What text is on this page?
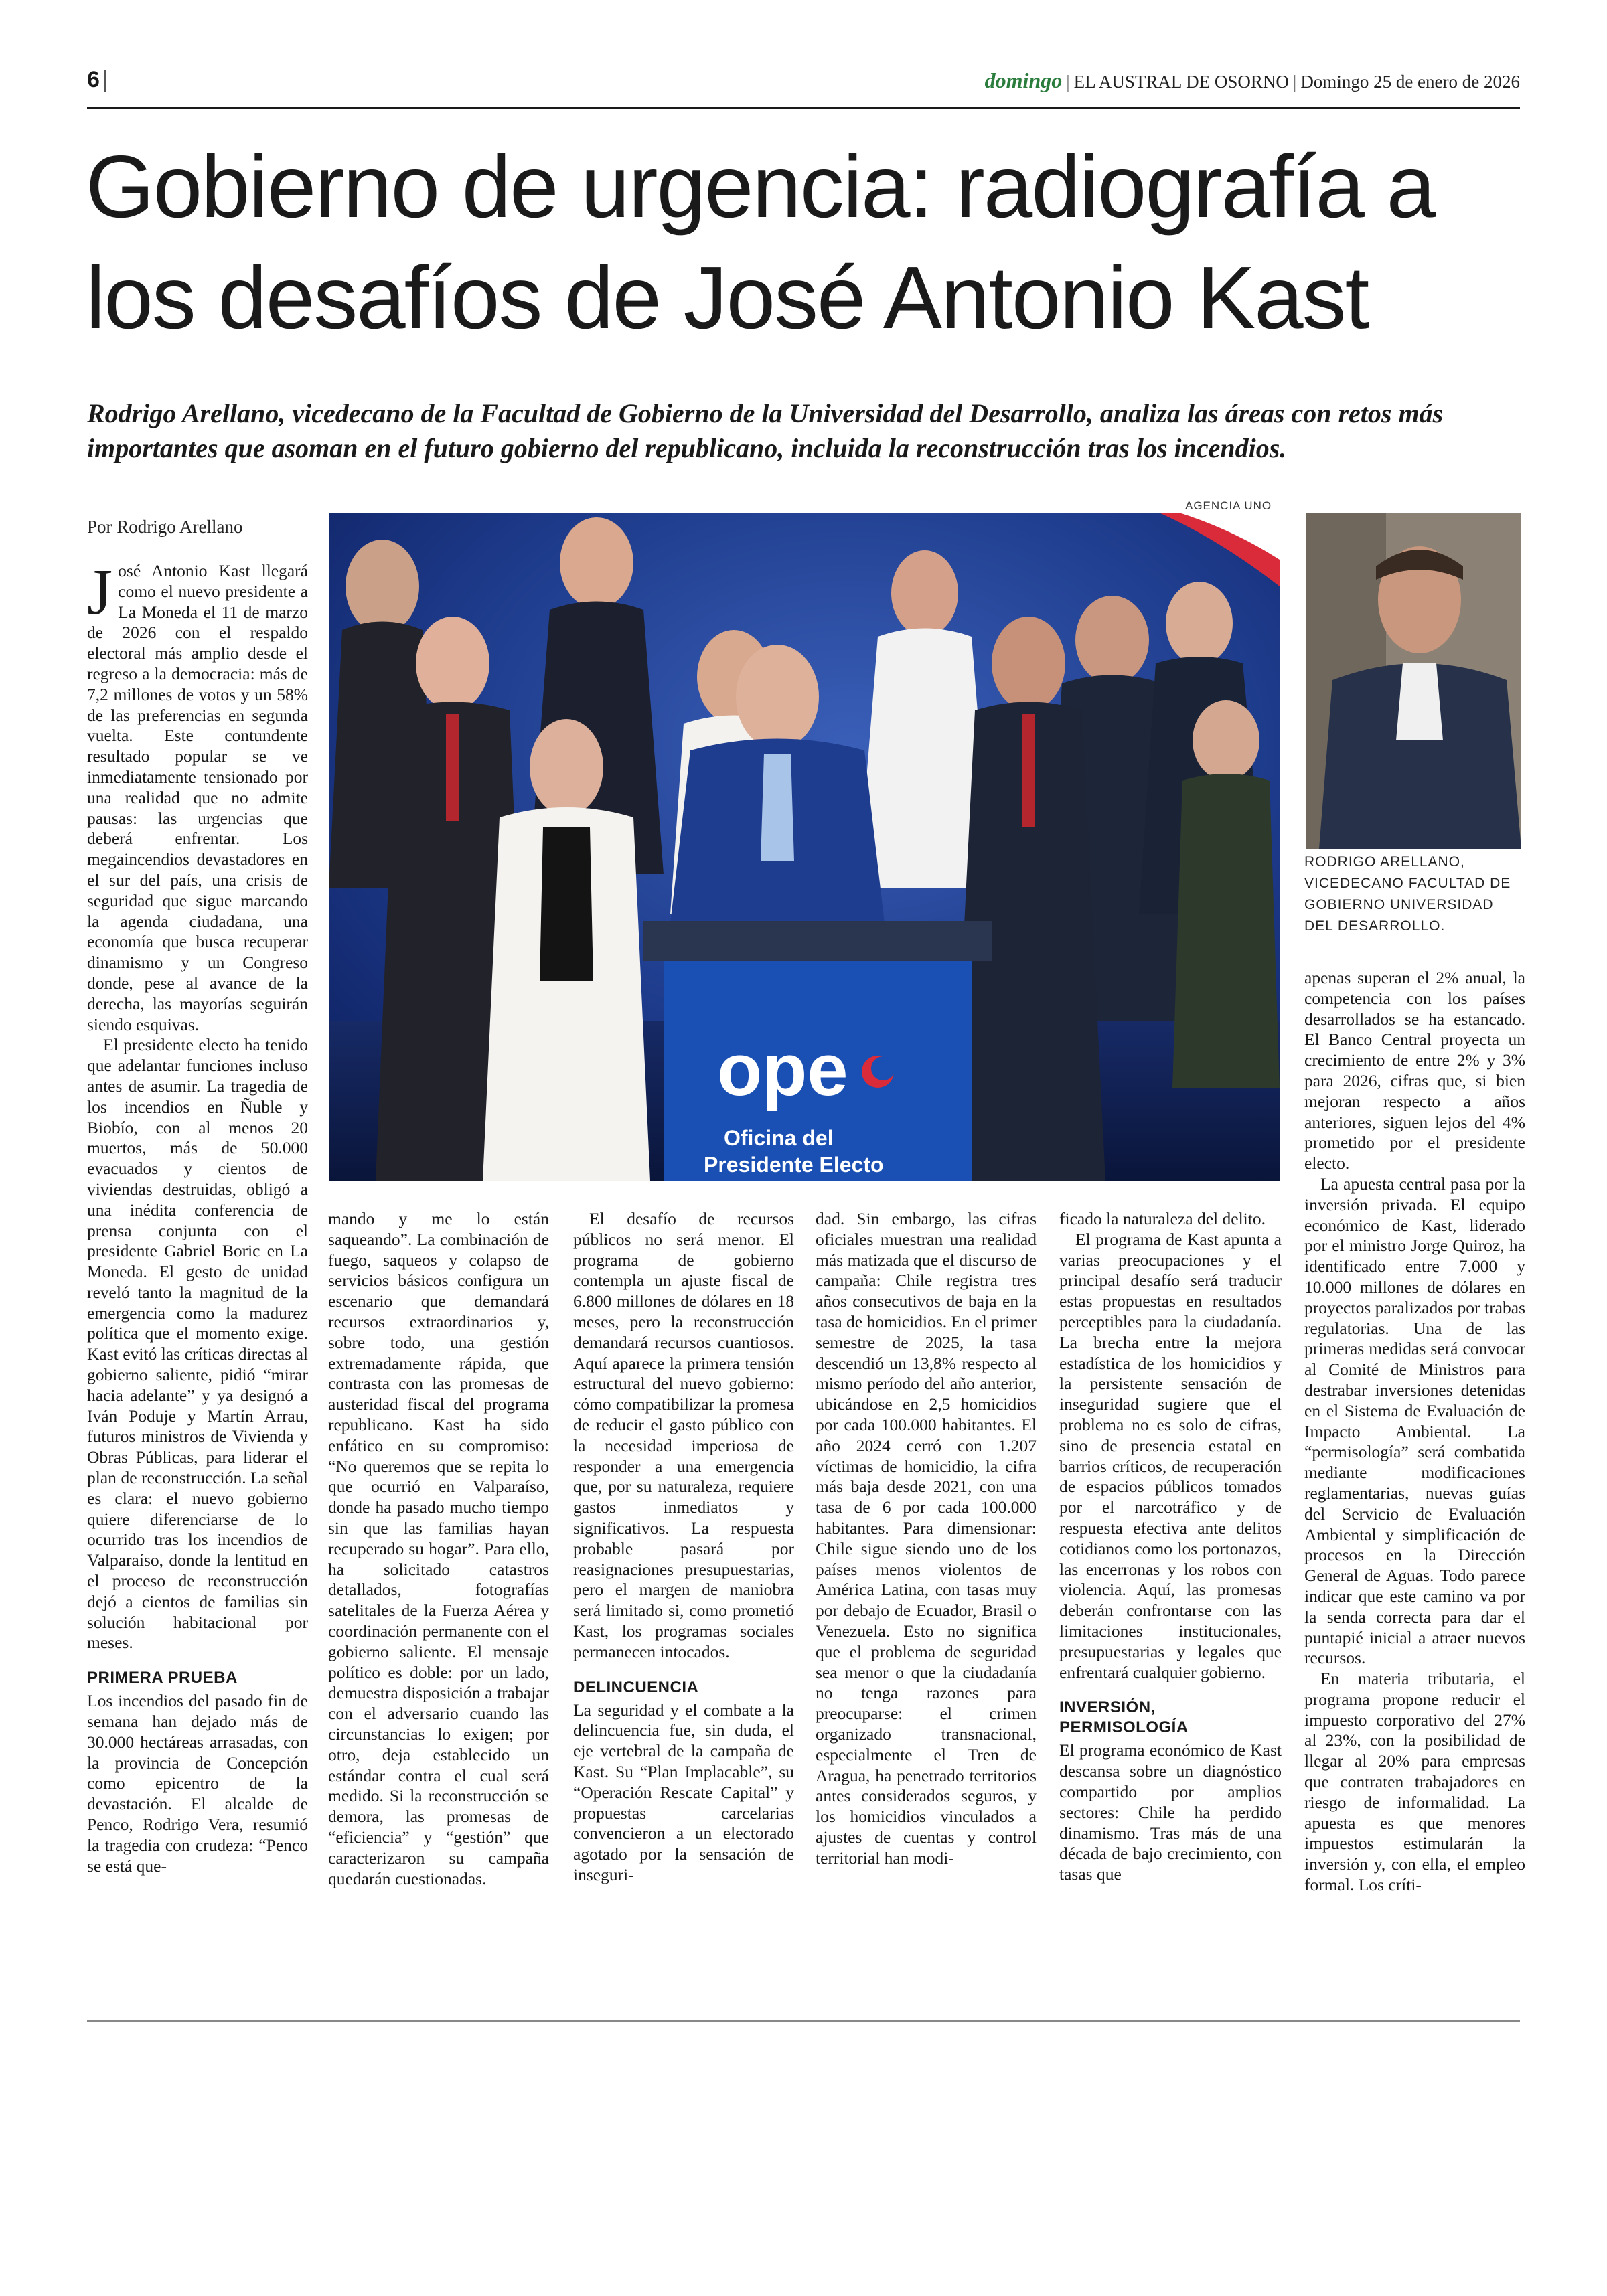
6 |	domingo | EL AUSTRAL DE OSORNO | Domingo 25 de enero de 2026
Gobierno de urgencia: radiografía a los desafíos de José Antonio Kast

Rodrigo Arellano, vicedecano de la Facultad de Gobierno de la Universidad del Desarrollo, analiza las áreas con retos más importantes que asoman en el futuro gobierno del republicano, incluida la reconstrucción tras los incendios.

Por Rodrigo Arellano
AGENCIA UNO
ope
Oficina del
Presidente Electo
RODRIGO ARELLANO, VICEDECANO FACULTAD DE GOBIERNO UNIVERSIDAD DEL DESARROLLO.

José Antonio Kast llegará como el nuevo presidente a La Moneda el 11 de marzo de 2026 con el respaldo electoral más amplio desde el regreso a la democracia: más de 7,2 millones de votos y un 58% de las preferencias en segunda vuelta. Este contundente resultado popular se ve inmediatamente tensionado por una realidad que no admite pausas: las urgencias que deberá enfrentar. Los megaincendios devastadores en el sur del país, una crisis de seguridad que sigue marcando la agenda ciudadana, una economía que busca recuperar dinamismo y un Congreso donde, pese al avance de la derecha, las mayorías seguirán siendo esquivas.

El presidente electo ha tenido que adelantar funciones incluso antes de asumir. La tragedia de los incendios en Ñuble y Biobío, con al menos 20 muertos, más de 50.000 evacuados y cientos de viviendas destruidas, obligó a una inédita conferencia de prensa conjunta con el presidente Gabriel Boric en La Moneda. El gesto de unidad reveló tanto la magnitud de la emergencia como la madurez política que el momento exige. Kast evitó las críticas directas al gobierno saliente, pidió “mirar hacia adelante” y ya designó a Iván Poduje y Martín Arrau, futuros ministros de Vivienda y Obras Públicas, para liderar el plan de reconstrucción. La señal es clara: el nuevo gobierno quiere diferenciarse de lo ocurrido tras los incendios de Valparaíso, donde la lentitud en el proceso de reconstrucción dejó a cientos de familias sin solución habitacional por meses.

PRIMERA PRUEBA

Los incendios del pasado fin de semana han dejado más de 30.000 hectáreas arrasadas, con la provincia de Concepción como epicentro de la devastación. El alcalde de Penco, Rodrigo Vera, resumió la tragedia con crudeza: “Penco se está que-

mando y me lo están saqueando”. La combinación de fuego, saqueos y colapso de servicios básicos configura un escenario que demandará recursos extraordinarios y, sobre todo, una gestión extremadamente rápida, que contrasta con las promesas de austeridad fiscal del programa republicano. Kast ha sido enfático en su compromiso: “No queremos que se repita lo que ocurrió en Valparaíso, donde ha pasado mucho tiempo sin que las familias hayan recuperado su hogar”. Para ello, ha solicitado catastros detallados, fotografías satelitales de la Fuerza Aérea y coordinación permanente con el gobierno saliente. El mensaje político es doble: por un lado, demuestra disposición a trabajar con el adversario cuando las circunstancias lo exigen; por otro, deja establecido un estándar contra el cual será medido. Si la reconstrucción se demora, las promesas de “eficiencia” y “gestión” que caracterizaron su campaña quedarán cuestionadas.

El desafío de recursos públicos no será menor. El programa de gobierno contempla un ajuste fiscal de 6.800 millones de dólares en 18 meses, pero la reconstrucción demandará recursos cuantiosos. Aquí aparece la primera tensión estructural del nuevo gobierno: cómo compatibilizar la promesa de reducir el gasto público con la necesidad imperiosa de responder a una emergencia que, por su naturaleza, requiere gastos inmediatos y significativos. La respuesta probable pasará por reasignaciones presupuestarias, pero el margen de maniobra será limitado si, como prometió Kast, los programas sociales permanecen intocados.

DELINCUENCIA

La seguridad y el combate a la delincuencia fue, sin duda, el eje vertebral de la campaña de Kast. Su “Plan Implacable”, su “Operación Rescate Capital” y propuestas carcelarias convencieron a un electorado agotado por la sensación de inseguri-

dad. Sin embargo, las cifras oficiales muestran una realidad más matizada que el discurso de campaña: Chile registra tres años consecutivos de baja en la tasa de homicidios. En el primer semestre de 2025, la tasa descendió un 13,8% respecto al mismo período del año anterior, ubicándose en 2,5 homicidios por cada 100.000 habitantes. El año 2024 cerró con 1.207 víctimas de homicidio, la cifra más baja desde 2021, con una tasa de 6 por cada 100.000 habitantes. Para dimensionar: Chile sigue siendo uno de los países menos violentos de América Latina, con tasas muy por debajo de Ecuador, Brasil o Venezuela. Esto no significa que el problema de seguridad sea menor o que la ciudadanía no tenga razones para preocuparse: el crimen organizado transnacional, especialmente el Tren de Aragua, ha penetrado territorios antes considerados seguros, y los homicidios vinculados a ajustes de cuentas y control territorial han modi-

ficado la naturaleza del delito.

El programa de Kast apunta a varias preocupaciones y el principal desafío será traducir estas propuestas en resultados perceptibles para la ciudadanía. La brecha entre la mejora estadística de los homicidios y la persistente sensación de inseguridad sugiere que el problema no es solo de cifras, sino de presencia estatal en barrios críticos, de recuperación de espacios públicos tomados por el narcotráfico y de respuesta efectiva ante delitos cotidianos como los portonazos, las encerronas y los robos con violencia. Aquí, las promesas deberán confrontarse con las limitaciones institucionales, presupuestarias y legales que enfrentará cualquier gobierno.

INVERSIÓN, PERMISOLOGÍA

El programa económico de Kast descansa sobre un diagnóstico compartido por amplios sectores: Chile ha perdido dinamismo. Tras más de una década de bajo crecimiento, con tasas que

apenas superan el 2% anual, la competencia con los países desarrollados se ha estancado. El Banco Central proyecta un crecimiento de entre 2% y 3% para 2026, cifras que, si bien mejoran respecto a años anteriores, siguen lejos del 4% prometido por el presidente electo.

La apuesta central pasa por la inversión privada. El equipo económico de Kast, liderado por el ministro Jorge Quiroz, ha identificado entre 7.000 y 10.000 millones de dólares en proyectos paralizados por trabas regulatorias. Una de las primeras medidas será convocar al Comité de Ministros para destrabar inversiones detenidas en el Sistema de Evaluación de Impacto Ambiental. La “permisología” será combatida mediante modificaciones reglamentarias, nuevas guías del Servicio de Evaluación Ambiental y simplificación de procesos en la Dirección General de Aguas. Todo parece indicar que este camino va por la senda correcta para dar el puntapié inicial a atraer nuevos recursos.

En materia tributaria, el programa propone reducir el impuesto corporativo del 27% al 23%, con la posibilidad de llegar al 20% para empresas que contraten trabajadores en riesgo de informalidad. La apuesta es que menores impuestos estimularán la inversión y, con ella, el empleo formal. Los críti-
